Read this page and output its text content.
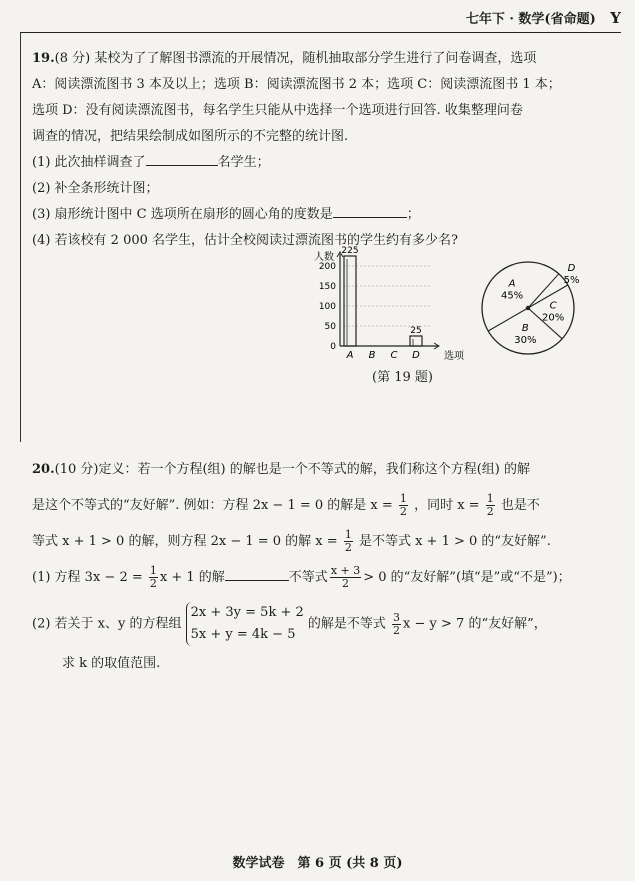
七年下 · 数学(省命题) Y
19.(8 分) 某校为了了解图书漂流的开展情况，随机抽取部分学生进行了问卷调查，选项
A：阅读漂流图书 3 本及以上；选项 B：阅读漂流图书 2 本；选项 C：阅读漂流图书 1 本；
选项 D：没有阅读漂流图书，每名学生只能从中选择一个选项进行回答. 收集整理问卷
调查的情况，把结果绘制成如图所示的不完整的统计图.
(1) 此次抽样调查了	名学生；
(2) 补全条形统计图；
(3) 扇形统计图中 C 选项所在扇形的圆心角的度数是	；
(4) 若该校有 2 000 名学生，估计全校阅读过漂流图书的学生约有多少名?
人数
选项
0
50
100
150
200
A
225
B C D
25
D
5%
C
20%
B
30%
A
45%
(第 19 题)
20.(10 分)定义：若一个方程(组) 的解也是一个不等式的解，我们称这个方程(组) 的解
是这个不等式的“友好解”. 例如：方程 2x − 1 = 0 的解是 $x = \frac{1}{2}$ ，同时 $x = \frac{1}{2}$ 也是不
等式 x + 1 > 0 的解，则方程 2x − 1 = 0 的解 $x = \frac{1}{2}$ 是不等式 x + 1 > 0 的“友好解”.
(1) 方程 $3x - 2 = \frac{1}{2}$ x + 1 的解	不等式 $\frac{x + 3}{2} > 0$ 的“友好解”(填“是”或“不是”)；
(2) 若关于 x、y 的方程组
2x + 3y = 5k + 2
5x + y = 4k − 5
的解是不等式 $\frac{3}{2}$ x − y > 7 的“友好解”，
求 k 的取值范围.
数学试卷　第 6 页 (共 8 页)
